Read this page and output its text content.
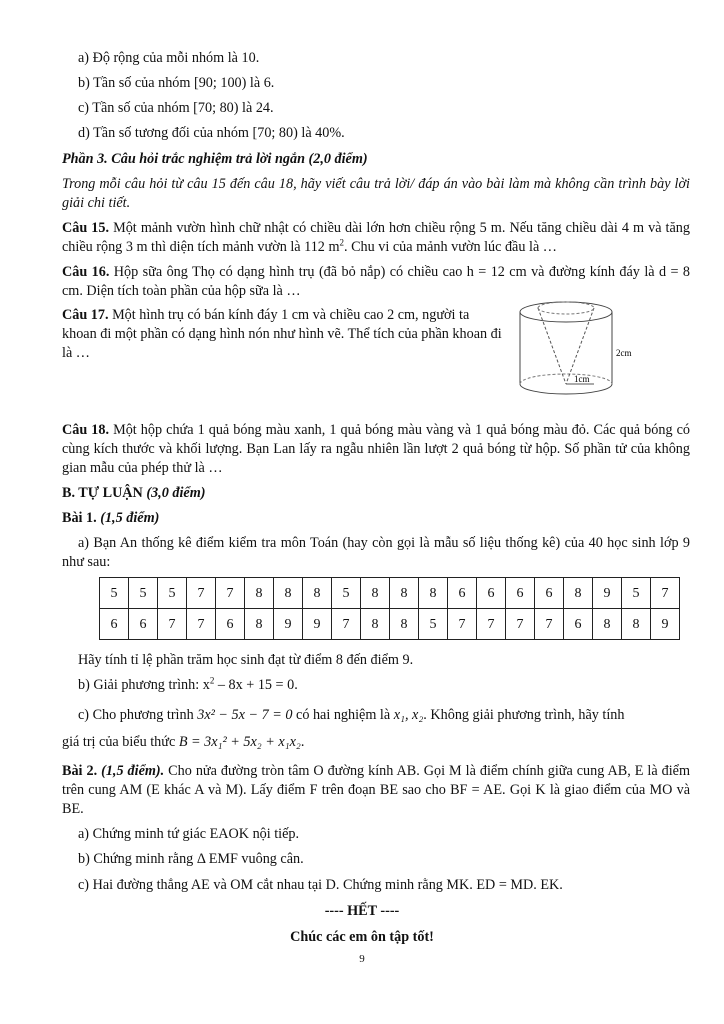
a) Độ rộng của mỗi nhóm là 10.
b) Tần số của nhóm [90; 100) là 6.
c) Tần số của nhóm [70; 80) là 24.
d) Tần số tương đối của nhóm [70; 80) là 40%.
Phần 3. Câu hỏi trắc nghiệm trả lời ngắn (2,0 điểm)
Trong mỗi câu hỏi từ câu 15 đến câu 18, hãy viết câu trả lời/ đáp án vào bài làm mà không cần trình bày lời giải chi tiết.
Câu 15. Một mảnh vườn hình chữ nhật có chiều dài lớn hơn chiều rộng 5 m. Nếu tăng chiều dài 4 m và tăng chiều rộng 3 m thì diện tích mảnh vườn là 112 $m^2$. Chu vi của mảnh vườn lúc đầu là …
Câu 16. Hộp sữa ông Thọ có dạng hình trụ (đã bỏ nắp) có chiều cao h = 12 cm và đường kính đáy là d = 8 cm. Diện tích toàn phần của hộp sữa là …
Câu 17. Một hình trụ có bán kính đáy 1 cm và chiều cao 2 cm, người ta khoan đi một phần có dạng hình nón như hình vẽ. Thể tích của phần khoan đi là …	2cm
1cm
Câu 18. Một hộp chứa 1 quả bóng màu xanh, 1 quả bóng màu vàng và 1 quả bóng màu đỏ. Các quả bóng có cùng kích thước và khối lượng. Bạn Lan lấy ra ngẫu nhiên lần lượt 2 quả bóng từ hộp. Số phần tử của không gian mẫu của phép thử là …
B. TỰ LUẬN (3,0 điểm)
Bài 1. (1,5 điểm)
a) Bạn An thống kê điểm kiểm tra môn Toán (hay còn gọi là mẫu số liệu thống kê) của 40 học sinh lớp 9 như sau:
5	5	5	7	7	8	8	8	5	8	8	8	6	6	6	6	8	9	5	7
6	6	7	7	6	8	9	9	7	8	8	5	7	7	7	7	6	8	8	9
Hãy tính tỉ lệ phần trăm học sinh đạt từ điểm 8 đến điểm 9.
b) Giải phương trình: $x^2 - 8x + 15 = 0$.
c) Cho phương trình 3x² − 5x − 7 = 0 có hai nghiệm là x₁, x₂. Không giải phương trình, hãy tính
giá trị của biểu thức B = 3x₁² + 5x₂ + x₁x₂.
Bài 2. (1,5 điểm). Cho nửa đường tròn tâm O đường kính AB. Gọi M là điểm chính giữa cung AB, E là điểm trên cung AM (E khác A và M). Lấy điểm F trên đoạn BE sao cho BF = AE. Gọi K là giao điểm của MO và BE.
a) Chứng minh tứ giác EAOK nội tiếp.
b) Chứng minh rằng Δ EMF vuông cân.
c) Hai đường thẳng AE và OM cắt nhau tại D. Chứng minh rằng MK. ED = MD. EK.
---- HẾT ----
Chúc các em ôn tập tốt!
9
